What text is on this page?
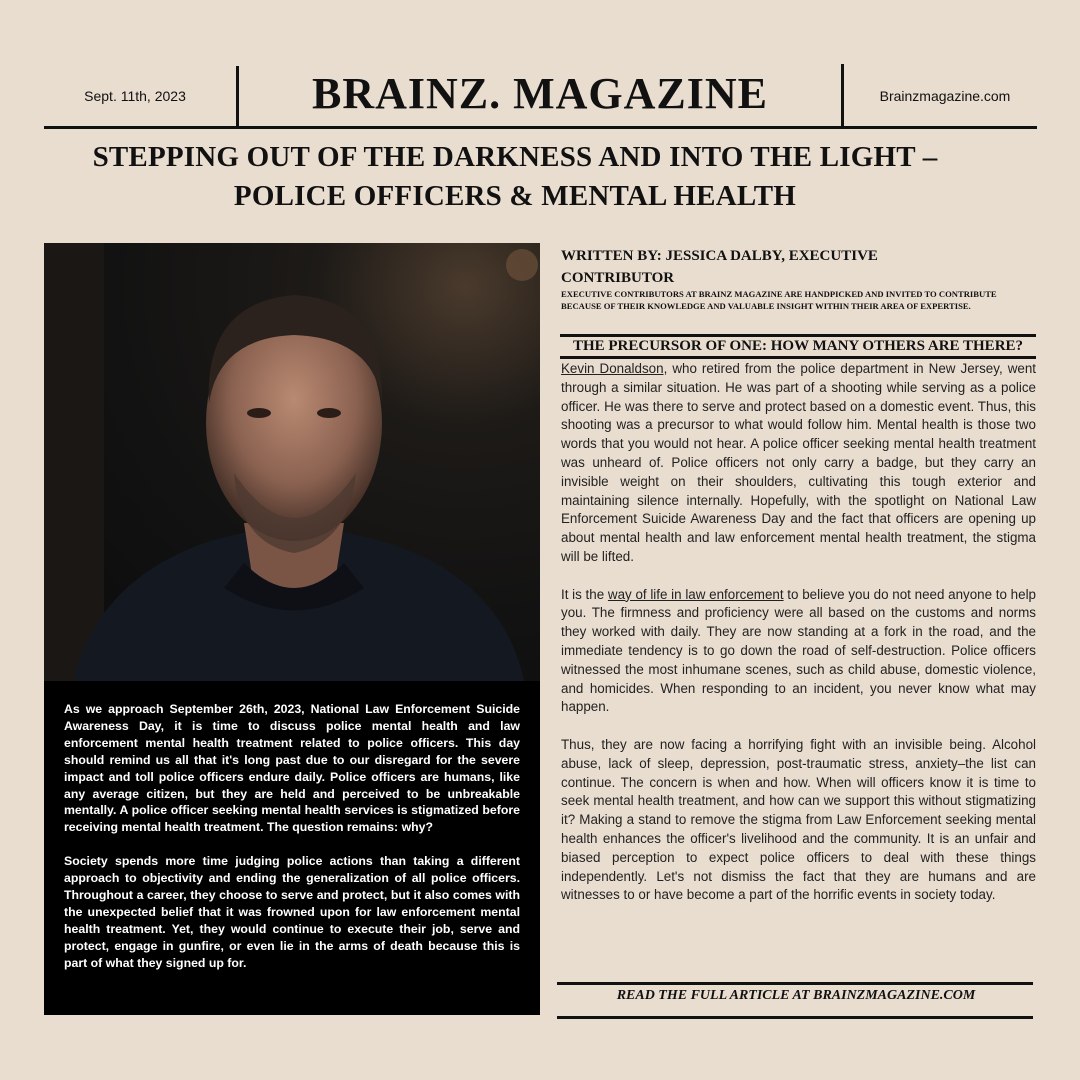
Sept. 11th, 2023	BRAINZ. MAGAZINE	Brainzmagazine.com
STEPPING OUT OF THE DARKNESS AND INTO THE LIGHT –
POLICE OFFICERS & MENTAL HEALTH

As we approach September 26th, 2023, National Law Enforcement Suicide Awareness Day, it is time to discuss police mental health and law enforcement mental health treatment related to police officers. This day should remind us all that it's long past due to our disregard for the severe impact and toll police officers endure daily. Police officers are humans, like any average citizen, but they are held and perceived to be unbreakable mentally. A police officer seeking mental health services is stigmatized before receiving mental health treatment. The question remains: why?

Society spends more time judging police actions than taking a different approach to objectivity and ending the generalization of all police officers. Throughout a career, they choose to serve and protect, but it also comes with the unexpected belief that it was frowned upon for law enforcement mental health treatment. Yet, they would continue to execute their job, serve and protect, engage in gunfire, or even lie in the arms of death because this is part of what they signed up for.

WRITTEN BY: JESSICA DALBY, EXECUTIVE
CONTRIBUTOR
EXECUTIVE CONTRIBUTORS AT BRAINZ MAGAZINE ARE HANDPICKED AND INVITED TO CONTRIBUTE BECAUSE OF THEIR KNOWLEDGE AND VALUABLE INSIGHT WITHIN THEIR AREA OF EXPERTISE.
THE PRECURSOR OF ONE: HOW MANY OTHERS ARE THERE?

Kevin Donaldson, who retired from the police department in New Jersey, went through a similar situation. He was part of a shooting while serving as a police officer. He was there to serve and protect based on a domestic event. Thus, this shooting was a precursor to what would follow him. Mental health is those two words that you would not hear. A police officer seeking mental health treatment was unheard of. Police officers not only carry a badge, but they carry an invisible weight on their shoulders, cultivating this tough exterior and maintaining silence internally. Hopefully, with the spotlight on National Law Enforcement Suicide Awareness Day and the fact that officers are opening up about mental health and law enforcement mental health treatment, the stigma will be lifted.

It is the way of life in law enforcement to believe you do not need anyone to help you. The firmness and proficiency were all based on the customs and norms they worked with daily. They are now standing at a fork in the road, and the immediate tendency is to go down the road of self-destruction. Police officers witnessed the most inhumane scenes, such as child abuse, domestic violence, and homicides. When responding to an incident, you never know what may happen.

Thus, they are now facing a horrifying fight with an invisible being. Alcohol abuse, lack of sleep, depression, post-traumatic stress, anxiety–the list can continue. The concern is when and how. When will officers know it is time to seek mental health treatment, and how can we support this without stigmatizing it? Making a stand to remove the stigma from Law Enforcement seeking mental health enhances the officer's livelihood and the community. It is an unfair and biased perception to expect police officers to deal with these things independently. Let's not dismiss the fact that they are humans and are witnesses to or have become a part of the horrific events in society today.

READ THE FULL ARTICLE AT BRAINZMAGAZINE.COM
